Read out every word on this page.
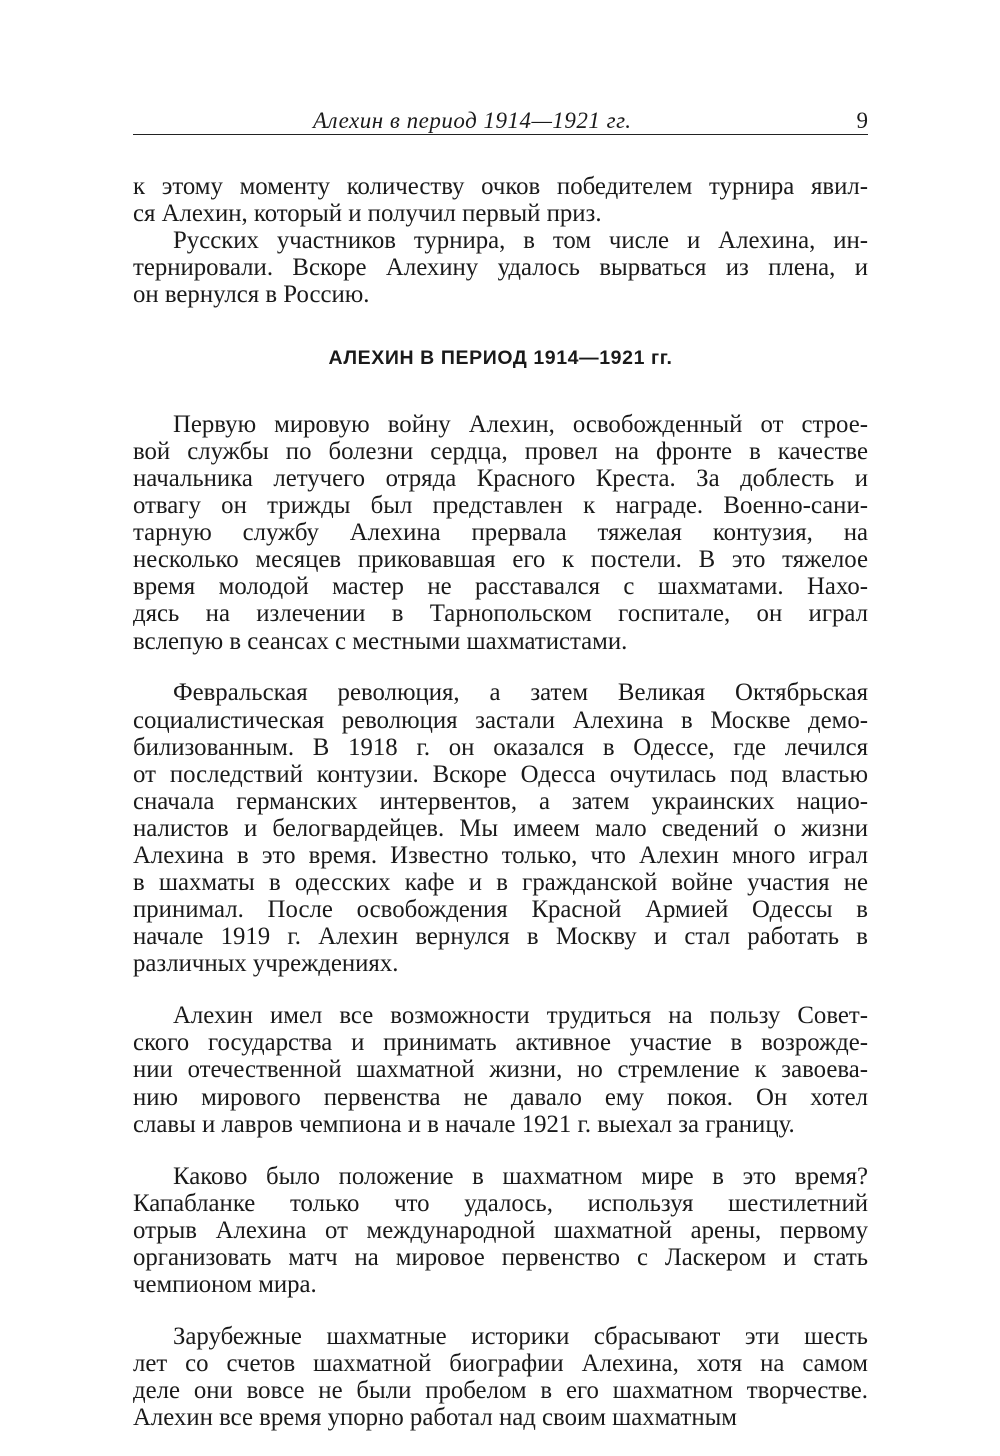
Алехин в период 1914—1921 гг.	9

к этому моменту количеству очков победителем турнира явил-
ся Алехин, который и получил первый приз.

Русских участников турнира, в том числе и Алехина, ин-
тернировали. Вскоре Алехину удалось вырваться из плена, и
он вернулся в Россию.

АЛЕХИН В ПЕРИОД 1914—1921 гг.

Первую мировую войну Алехин, освобожденный от строе-
вой службы по болезни сердца, провел на фронте в качестве
начальника летучего отряда Красного Креста. За доблесть и
отвагу он трижды был представлен к награде. Военно-сани-
тарную службу Алехина прервала тяжелая контузия, на
несколько месяцев приковавшая его к постели. В это тяжелое
время молодой мастер не расставался с шахматами. Нахо-
дясь на излечении в Тарнопольском госпитале, он играл
вслепую в сеансах с местными шахматистами.

Февральская революция, а затем Великая Октябрьская
социалистическая революция застали Алехина в Москве демо-
билизованным. В 1918 г. он оказался в Одессе, где лечился
от последствий контузии. Вскоре Одесса очутилась под властью
сначала германских интервентов, а затем украинских нацио-
налистов и белогвардейцев. Мы имеем мало сведений о жизни
Алехина в это время. Известно только, что Алехин много играл
в шахматы в одесских кафе и в гражданской войне участия не
принимал. После освобождения Красной Армией Одессы в
начале 1919 г. Алехин вернулся в Москву и стал работать в
различных учреждениях.

Алехин имел все возможности трудиться на пользу Совет-
ского государства и принимать активное участие в возрожде-
нии отечественной шахматной жизни, но стремление к завоева-
нию мирового первенства не давало ему покоя. Он хотел
славы и лавров чемпиона и в начале 1921 г. выехал за границу.

Каково было положение в шахматном мире в это время?
Капабланке только что удалось, используя шестилетний
отрыв Алехина от международной шахматной арены, первому
организовать матч на мировое первенство с Ласкером и стать
чемпионом мира.

Зарубежные шахматные историки сбрасывают эти шесть
лет со счетов шахматной биографии Алехина, хотя на самом
деле они вовсе не были пробелом в его шахматном творчестве.
Алехин все время упорно работал над своим шахматным
